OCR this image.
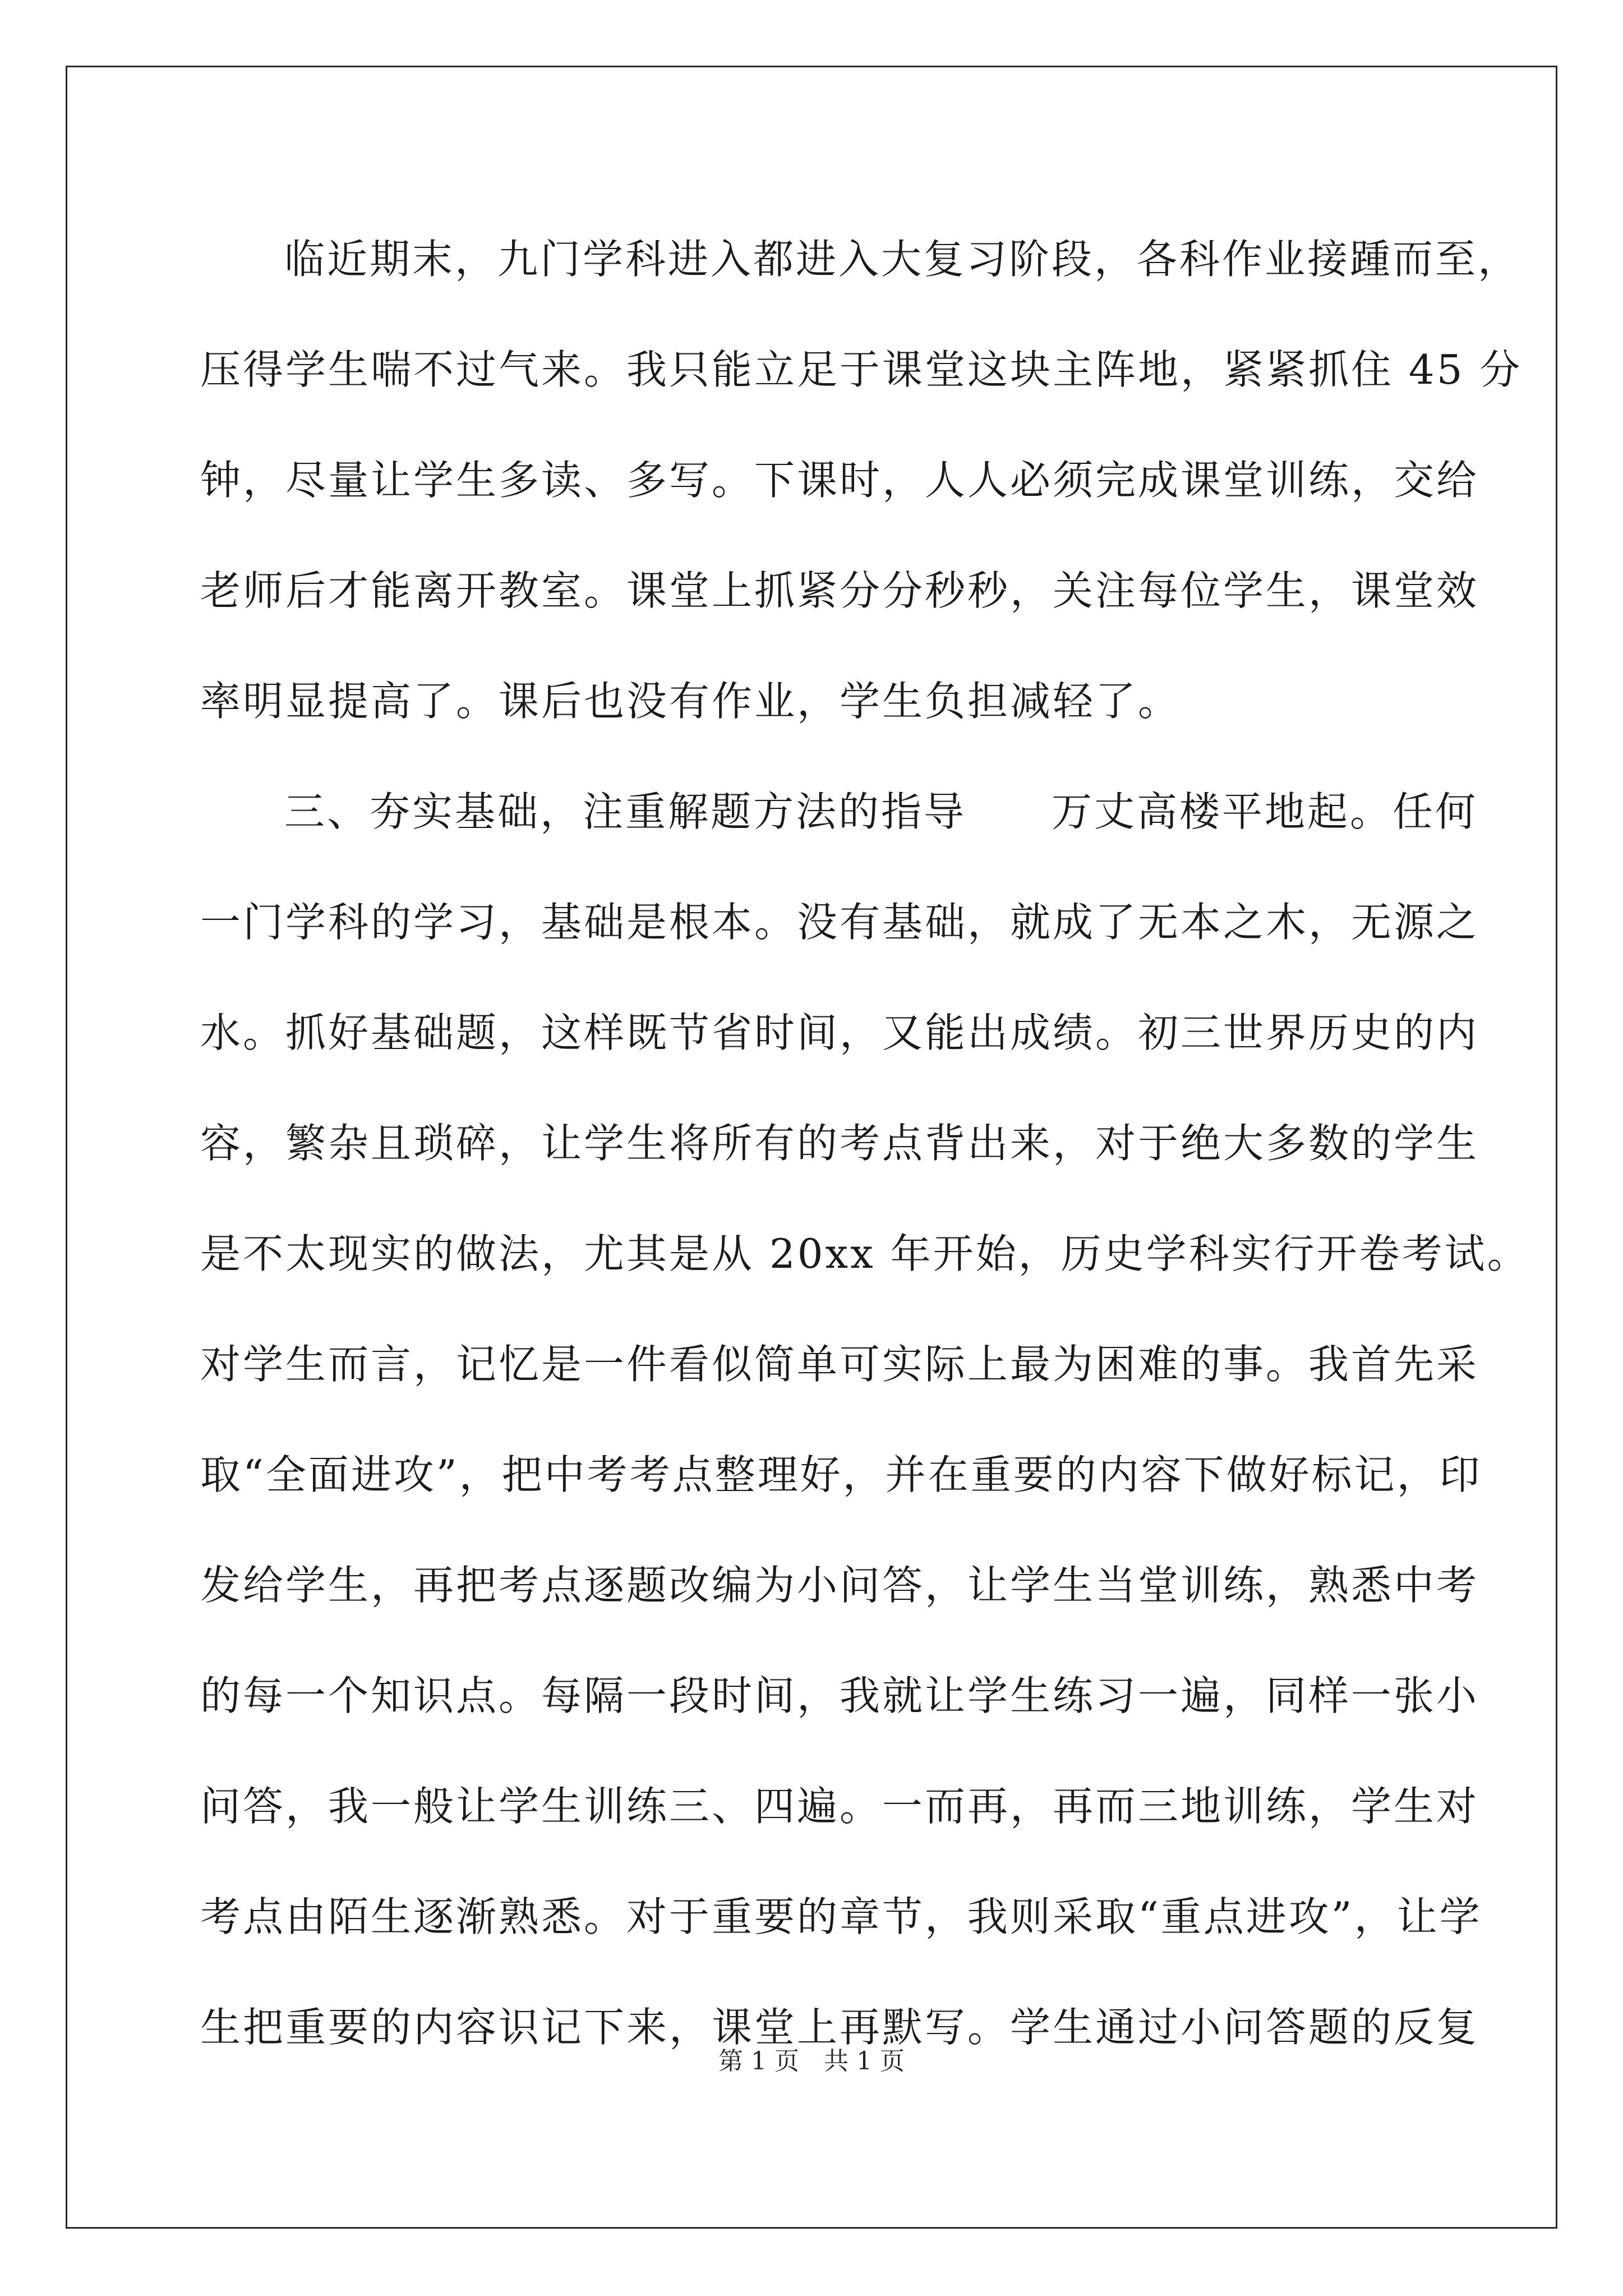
临近期末，九门学科进入都进入大复习阶段，各科作业接踵而至，
压得学生喘不过气来。我只能立足于课堂这块主阵地，紧紧抓住 45 分
钟，尽量让学生多读、多写。下课时，人人必须完成课堂训练，交给
老师后才能离开教室。课堂上抓紧分分秒秒，关注每位学生，课堂效
率明显提高了。课后也没有作业，学生负担减轻了。
三、夯实基础，注重解题方法的指导　　万丈高楼平地起。任何
一门学科的学习，基础是根本。没有基础，就成了无本之木，无源之
水。抓好基础题，这样既节省时间，又能出成绩。初三世界历史的内
容，繁杂且琐碎，让学生将所有的考点背出来，对于绝大多数的学生
是不太现实的做法，尤其是从 20xx 年开始，历史学科实行开卷考试。
对学生而言，记忆是一件看似简单可实际上最为困难的事。我首先采
取“全面进攻”，把中考考点整理好，并在重要的内容下做好标记，印
发给学生，再把考点逐题改编为小问答，让学生当堂训练，熟悉中考
的每一个知识点。每隔一段时间，我就让学生练习一遍，同样一张小
问答，我一般让学生训练三、四遍。一而再，再而三地训练，学生对
考点由陌生逐渐熟悉。对于重要的章节，我则采取“重点进攻”，让学
生把重要的内容识记下来，课堂上再默写。学生通过小问答题的反复
第 1 页　共 1 页
